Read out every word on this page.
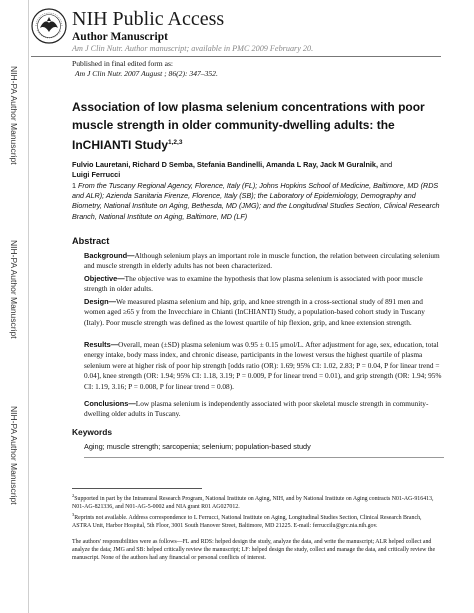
NIH-PA Author Manuscript
NIH-PA Author Manuscript
NIH-PA Author Manuscript
NIH Public Access
Author Manuscript
Am J Clin Nutr. Author manuscript; available in PMC 2009 February 20.
Published in final edited form as:
Am J Clin Nutr. 2007 August ; 86(2): 347–352.
Association of low plasma selenium concentrations with poor muscle strength in older community-dwelling adults: the InCHIANTI Study$^{1,2,3}$
Fulvio Lauretani, Richard D Semba, Stefania Bandinelli, Amanda L Ray, Jack M Guralnik, and
Luigi Ferrucci
1 From the Tuscany Regional Agency, Florence, Italy (FL); Johns Hopkins School of Medicine, Baltimore, MD (RDS and ALR); Azienda Sanitaria Firenze, Florence, Italy (SB); the Laboratory of Epidemiology, Demography and Biometry, National Institute on Aging, Bethesda, MD (JMG); and the Longitudinal Studies Section, Clinical Research Branch, National Institute on Aging, Baltimore, MD (LF)
Abstract
Background—Although selenium plays an important role in muscle function, the relation between circulating selenium and muscle strength in elderly adults has not been characterized.
Objective—The objective was to examine the hypothesis that low plasma selenium is associated with poor muscle strength in older adults.
Design—We measured plasma selenium and hip, grip, and knee strength in a cross-sectional study of 891 men and women aged ≥65 y from the Invecchiare in Chianti (InCHIANTI) Study, a population-based cohort study in Tuscany (Italy). Poor muscle strength was defined as the lowest quartile of hip flexion, grip, and knee extension strength.
Results—Overall, mean (±SD) plasma selenium was 0.95 ± 0.15 μmol/L. After adjustment for age, sex, education, total energy intake, body mass index, and chronic disease, participants in the lowest versus the highest quartile of plasma selenium were at higher risk of poor hip strength [odds ratio (OR): 1.69; 95% CI: 1.02, 2.83; P = 0.04, P for linear trend = 0.04], knee strength (OR: 1.94; 95% CI: 1.18, 3.19; P = 0.009, P for linear trend = 0.01), and grip strength (OR: 1.94; 95% CI: 1.19, 3.16; P = 0.008, P for linear trend = 0.08).
Conclusions—Low plasma selenium is independently associated with poor skeletal muscle strength in community-dwelling older adults in Tuscany.
Keywords
Aging; muscle strength; sarcopenia; selenium; population-based study
$^2$Supported in part by the Intramural Research Program, National Institute on Aging, NIH, and by National Institute on Aging contracts N01-AG-916413, N01-AG-821336, and N01-AG-5-0002 and NIA grant R01 AG027012.
$^3$Reprints not available. Address correspondence to L Ferrucci, National Institute on Aging, Longitudinal Studies Section, Clinical Research Branch, ASTRA Unit, Harbor Hospital, 5th Floor, 3001 South Hanover Street, Baltimore, MD 21225. E-mail: ferruccilu@grc.nia.nih.gov.
The authors' responsibilities were as follows—FL and RDS: helped design the study, analyze the data, and write the manuscript; ALR helped collect and analyze the data; JMG and SB: helped critically review the manuscript; LF: helped design the study, collect and manage the data, and critically review the manuscript. None of the authors had any financial or personal conflicts of interest.
